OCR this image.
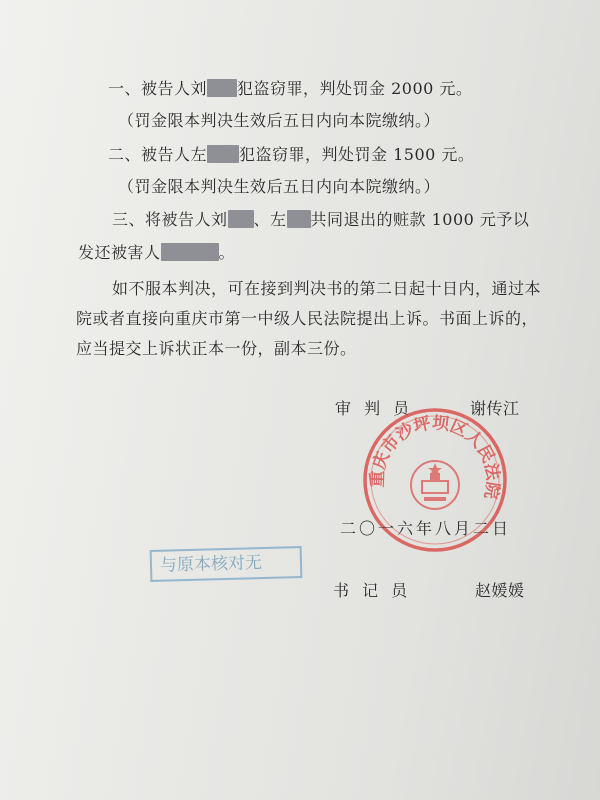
一、被告人刘 犯盗窃罪，判处罚金 2000 元。
（罚金限本判决生效后五日内向本院缴纳。）
二、被告人左 犯盗窃罪，判处罚金 1500 元。
（罚金限本判决生效后五日内向本院缴纳。）
三、将被告人刘 、左 共同退出的赃款 1000 元予以
发还被害人	。
如不服本判决，可在接到判决书的第二日起十日内，通过本
院或者直接向重庆市第一中级人民法院提出上诉。书面上诉的，
应当提交上诉状正本一份，副本三份。
审 判 员	谢传江
重庆市沙坪坝区人民法院
二〇一六年八月二日
与原本核对无
书 记 员	赵媛媛
